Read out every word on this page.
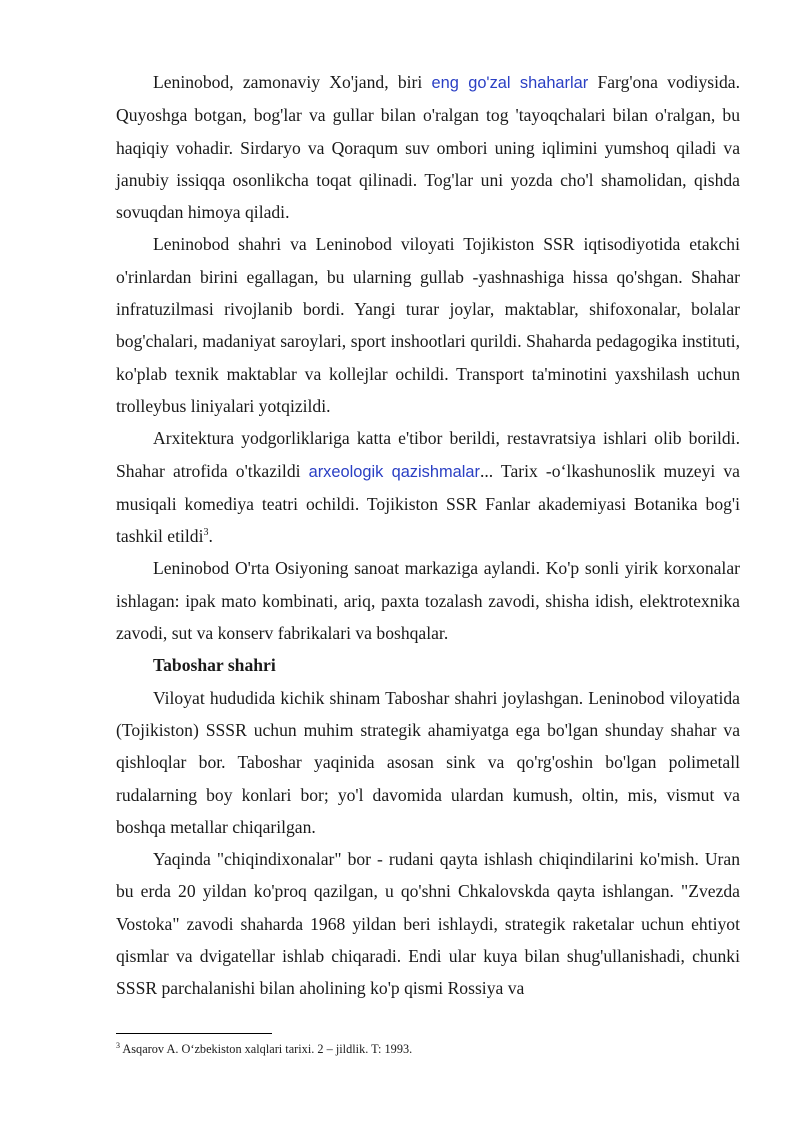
Leninobod, zamonaviy Xo'jand, biri eng go'zal shaharlar Farg'ona vodiysida. Quyoshga botgan, bog'lar va gullar bilan o'ralgan tog 'tayoqchalari bilan o'ralgan, bu haqiqiy vohadir. Sirdaryo va Qoraqum suv ombori uning iqlimini yumshoq qiladi va janubiy issiqqa osonlikcha toqat qilinadi. Tog'lar uni yozda cho'l shamolidan, qishda sovuqdan himoya qiladi.

Leninobod shahri va Leninobod viloyati Tojikiston SSR iqtisodiyotida etakchi o'rinlardan birini egallagan, bu ularning gullab -yashnashiga hissa qo'shgan. Shahar infratuzilmasi rivojlanib bordi. Yangi turar joylar, maktablar, shifoxonalar, bolalar bog'chalari, madaniyat saroylari, sport inshootlari qurildi. Shaharda pedagogika instituti, ko'plab texnik maktablar va kollejlar ochildi. Transport ta'minotini yaxshilash uchun trolleybus liniyalari yotqizildi.

Arxitektura yodgorliklariga katta e'tibor berildi, restavratsiya ishlari olib borildi. Shahar atrofida o'tkazildi arxeologik qazishmalar... Tarix -o‘lkashunoslik muzeyi va musiqali komediya teatri ochildi. Tojikiston SSR Fanlar akademiyasi Botanika bog'i tashkil etildi$^3$.

Leninobod O'rta Osiyoning sanoat markaziga aylandi. Ko'p sonli yirik korxonalar ishlagan: ipak mato kombinati, ariq, paxta tozalash zavodi, shisha idish, elektrotexnika zavodi, sut va konserv fabrikalari va boshqalar.

Taboshar shahri

Viloyat hududida kichik shinam Taboshar shahri joylashgan. Leninobod viloyatida (Tojikiston) SSSR uchun muhim strategik ahamiyatga ega bo'lgan shunday shahar va qishloqlar bor. Taboshar yaqinida asosan sink va qo'rg'oshin bo'lgan polimetall rudalarning boy konlari bor; yo'l davomida ulardan kumush, oltin, mis, vismut va boshqa metallar chiqarilgan.

Yaqinda "chiqindixonalar" bor - rudani qayta ishlash chiqindilarini ko'mish. Uran bu erda 20 yildan ko'proq qazilgan, u qo'shni Chkalovskda qayta ishlangan. "Zvezda Vostoka" zavodi shaharda 1968 yildan beri ishlaydi, strategik raketalar uchun ehtiyot qismlar va dvigatellar ishlab chiqaradi. Endi ular kuya bilan shug'ullanishadi, chunki SSSR parchalanishi bilan aholining ko'p qismi Rossiya va

$^3$ Asqarov A. O‘zbekiston xalqlari tarixi. 2 – jildlik. T: 1993.
